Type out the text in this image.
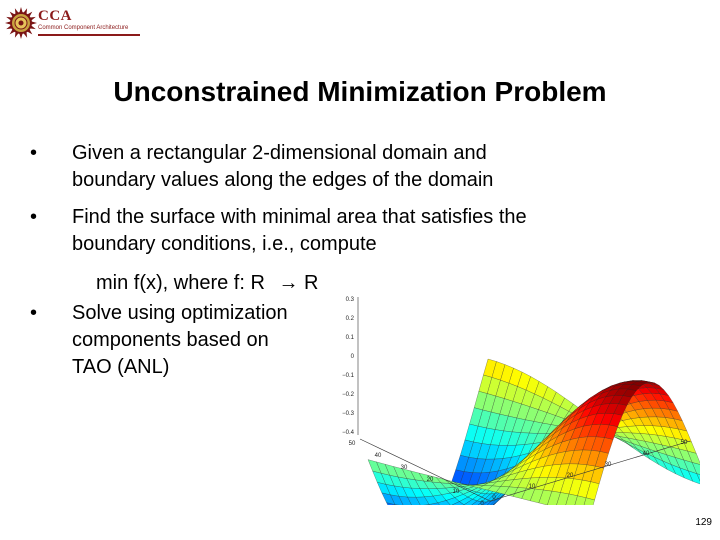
CCA
Common Component Architecture
Unconstrained Minimization Problem
• Given a rectangular 2-dimensional domain and
boundary values along the edges of the domain
• Find the surface with minimal area that satisfies the
boundary conditions, i.e., compute
min f(x), where f: R → R
• Solve using optimization
components based on
TAO (ANL)
0.3
0.2
0.1
0
−0.1
−0.2
−0.3
−0.4
50
40
30
20
10
0
0
10
20
30
40
50
129
